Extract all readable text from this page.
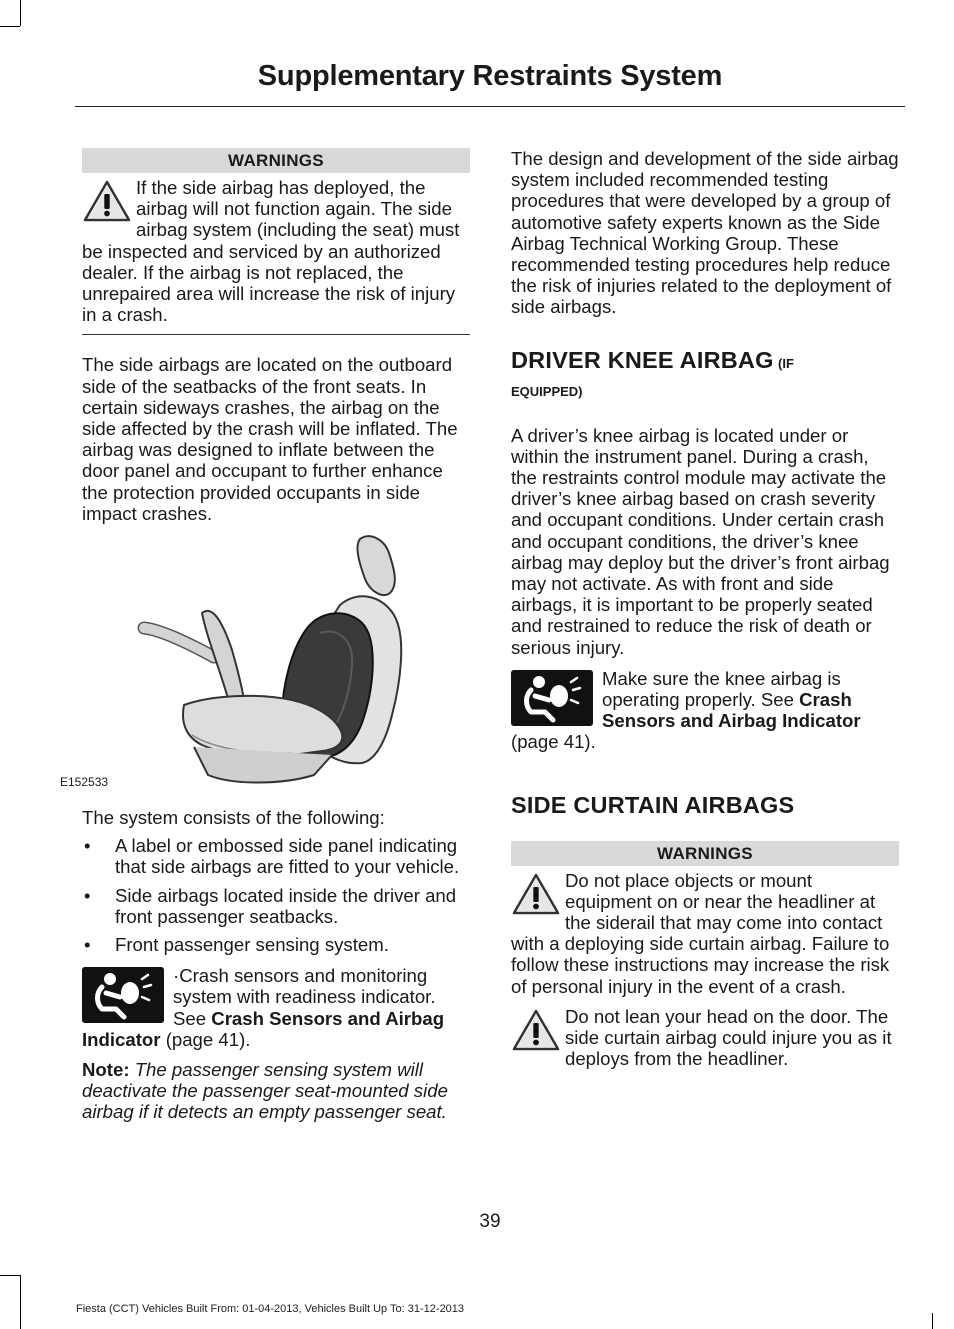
Supplementary Restraints System
WARNINGS
If the side airbag has deployed, the airbag will not function again. The side airbag system (including the seat) must be inspected and serviced by an authorized dealer. If the airbag is not replaced, the unrepaired area will increase the risk of injury in a crash.

The side airbags are located on the outboard side of the seatbacks of the front seats. In certain sideways crashes, the airbag on the side affected by the crash will be inflated. The airbag was designed to inflate between the door panel and occupant to further enhance the protection provided occupants in side impact crashes.

E152533

The system consists of the following:

• A label or embossed side panel indicating that side airbags are fitted to your vehicle.
• Side airbags located inside the driver and front passenger seatbacks.
• Front passenger sensing system.
·Crash sensors and monitoring system with readiness indicator. See Crash Sensors and Airbag Indicator (page 41).

Note: The passenger sensing system will deactivate the passenger seat-mounted side airbag if it detects an empty passenger seat.

The design and development of the side airbag system included recommended testing procedures that were developed by a group of automotive safety experts known as the Side Airbag Technical Working Group. These recommended testing procedures help reduce the risk of injuries related to the deployment of side airbags.

DRIVER KNEE AIRBAG (IF
EQUIPPED)

A driver’s knee airbag is located under or within the instrument panel. During a crash, the restraints control module may activate the driver’s knee airbag based on crash severity and occupant conditions. Under certain crash and occupant conditions, the driver’s knee airbag may deploy but the driver’s front airbag may not activate. As with front and side airbags, it is important to be properly seated and restrained to reduce the risk of death or serious injury.

Make sure the knee airbag is operating properly. See Crash Sensors and Airbag Indicator (page 41).
SIDE CURTAIN AIRBAGS
WARNINGS
Do not place objects or mount equipment on or near the headliner at the siderail that may come into contact with a deploying side curtain airbag. Failure to follow these instructions may increase the risk of personal injury in the event of a crash.
Do not lean your head on the door. The side curtain airbag could injure you as it deploys from the headliner.
39
Fiesta (CCT) Vehicles Built From: 01-04-2013, Vehicles Built Up To: 31-12-2013
